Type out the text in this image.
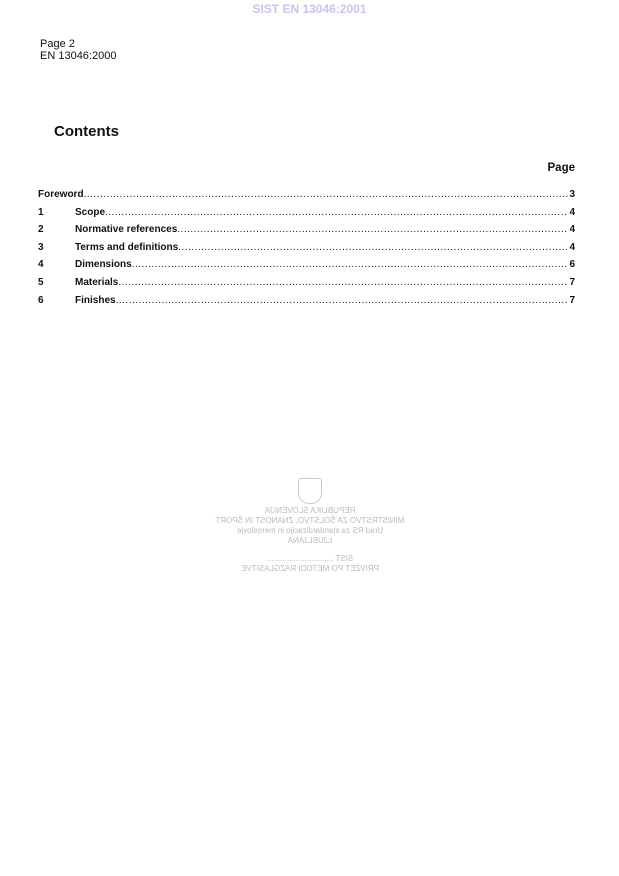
SIST EN 13046:2001
Page 2
EN 13046:2000
Contents
Page
Foreword .....	3
1	Scope .....	4
2	Normative references .....	4
3	Terms and definitions .....	4
4	Dimensions .....	6
5	Materials .....	7
6	Finishes .....	7
REPUBLIKA SLOVENIJA
MINISTRSTVO ZA ŠOLSTVO, ZNANOST IN ŠPORT
Urad RS za standardizacijo in meroslovje
LJUBLJANA
SIST ..............................
PRIVZET PO METODI RAZGLASITVE
